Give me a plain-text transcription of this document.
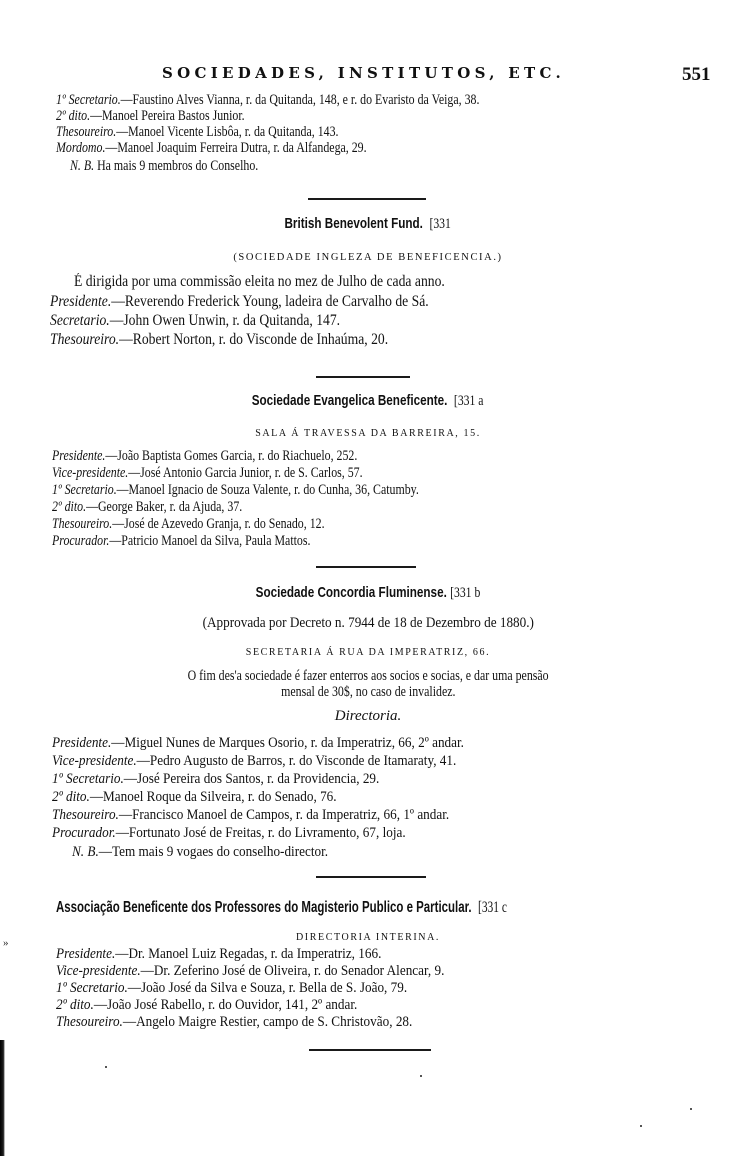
SOCIEDADES, INSTITUTOS, ETC.	551
1º Secretario.—Faustino Alves Vianna, r. da Quitanda, 148, e r. do Evaristo da Veiga, 38.
2º dito.—Manoel Pereira Bastos Junior.
Thesoureiro.—Manoel Vicente Lisbôa, r. da Quitanda, 143.
Mordomo.—Manoel Joaquim Ferreira Dutra, r. da Alfandega, 29.
N. B. Ha mais 9 membros do Conselho.
British Benevolent Fund. [331
(SOCIEDADE INGLEZA DE BENEFICENCIA.)
É dirigida por uma commissão eleita no mez de Julho de cada anno.
Presidente.—Reverendo Frederick Young, ladeira de Carvalho de Sá.
Secretario.—John Owen Unwin, r. da Quitanda, 147.
Thesoureiro.—Robert Norton, r. do Visconde de Inhaúma, 20.
Sociedade Evangelica Beneficente. [331 a
SALA Á TRAVESSA DA BARREIRA, 15.
Presidente.—João Baptista Gomes Garcia, r. do Riachuelo, 252.
Vice-presidente.—José Antonio Garcia Junior, r. de S. Carlos, 57.
1º Secretario.—Manoel Ignacio de Souza Valente, r. do Cunha, 36, Catumby.
2º dito.—George Baker, r. da Ajuda, 37.
Thesoureiro.—José de Azevedo Granja, r. do Senado, 12.
Procurador.—Patricio Manoel da Silva, Paula Mattos.
Sociedade Concordia Fluminense. [331 b
(Approvada por Decreto n. 7944 de 18 de Dezembro de 1880.)
SECRETARIA Á RUA DA IMPERATRIZ, 66.
O fim des'a sociedade é fazer enterros aos socios e socias, e dar uma pensão
mensal de 30$, no caso de invalidez.
Directoria.
Presidente.—Miguel Nunes de Marques Osorio, r. da Imperatriz, 66, 2º andar.
Vice-presidente.—Pedro Augusto de Barros, r. do Visconde de Itamaraty, 41.
1º Secretario.—José Pereira dos Santos, r. da Providencia, 29.
2º dito.—Manoel Roque da Silveira, r. do Senado, 76.
Thesoureiro.—Francisco Manoel de Campos, r. da Imperatriz, 66, 1º andar.
Procurador.—Fortunato José de Freitas, r. do Livramento, 67, loja.
N. B.—Tem mais 9 vogaes do conselho-director.
Associação Beneficente dos Professores do Magisterio Publico e Particular. [331 c
DIRECTORIA INTERINA.
Presidente.—Dr. Manoel Luiz Regadas, r. da Imperatriz, 166.
Vice-presidente.—Dr. Zeferino José de Oliveira, r. do Senador Alencar, 9.
1º Secretario.—João José da Silva e Souza, r. Bella de S. João, 79.
2º dito.—João José Rabello, r. do Ouvidor, 141, 2º andar.
Thesoureiro.—Angelo Maigre Restier, campo de S. Christovão, 28.
»
